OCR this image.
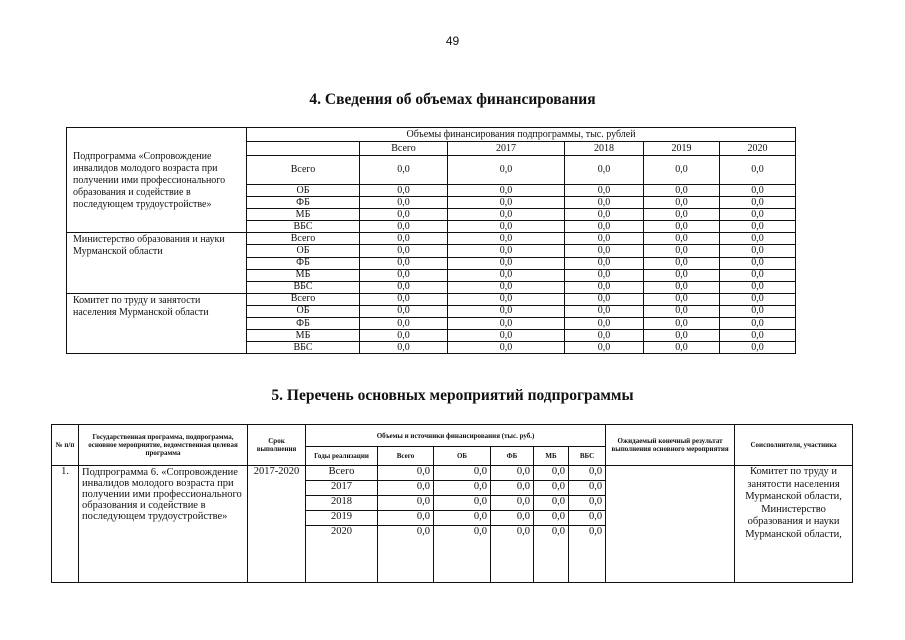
49
4. Сведения об объемах финансирования
Подпрограмма «Сопровождение инвалидов молодого возраста при получении ими профессионального образования и содействие в последующем трудоустройстве»	Объемы финансирования подпрограммы, тыс. рублей					
		Всего	2017	2018	2019	2020
	Всего	0,0	0,0	0,0	0,0	0,0
	ОБ	0,0	0,0	0,0	0,0	0,0
	ФБ	0,0	0,0	0,0	0,0	0,0
	МБ	0,0	0,0	0,0	0,0	0,0
	ВБС	0,0	0,0	0,0	0,0	0,0
Министерство образования и науки Мурманской области	Всего	0,0	0,0	0,0	0,0	0,0
	ОБ	0,0	0,0	0,0	0,0	0,0
	ФБ	0,0	0,0	0,0	0,0	0,0
	МБ	0,0	0,0	0,0	0,0	0,0
	ВБС	0,0	0,0	0,0	0,0	0,0
Комитет по труду и занятости населения Мурманской области	Всего	0,0	0,0	0,0	0,0	0,0
	ОБ	0,0	0,0	0,0	0,0	0,0
	ФБ	0,0	0,0	0,0	0,0	0,0
	МБ	0,0	0,0	0,0	0,0	0,0
	ВБС	0,0	0,0	0,0	0,0	0,0
5. Перечень основных мероприятий подпрограммы
№ п/п	Государственная программа, подпрограмма, основное мероприятие, ведомственная целевая программа	Срок выполнения	Объемы и источники финансирования (тыс. руб.)						Ожидаемый конечный результат выполнения основного мероприятия	Соисполнители, участника
			Годы реализации	Всего	ОБ	ФБ	МБ	ВБС		
1.	Подпрограмма 6. «Сопровождение инвалидов молодого возраста при получении ими профессионального образования и содействие в последующем трудоустройстве»	2017-2020	Всего	0,0	0,0	0,0	0,0	0,0		Комитет по труду и занятости населения Мурманской области, Министерство образования и науки Мурманской области,
			2017	0,0	0,0	0,0	0,0	0,0		
			2018	0,0	0,0	0,0	0,0	0,0		
			2019	0,0	0,0	0,0	0,0	0,0		
			2020	0,0	0,0	0,0	0,0	0,0		
